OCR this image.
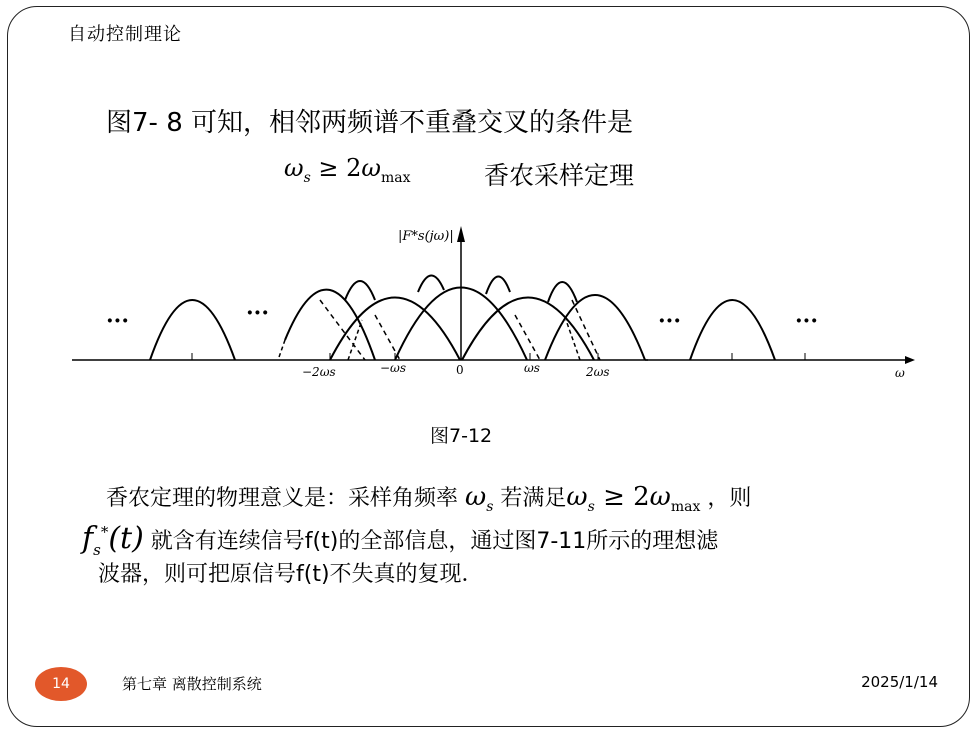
自动控制理论
图7- 8 可知，相邻两频谱不重叠交叉的条件是
$\omega_s \ge 2\omega_{max}$	香农采样定理
···	···	···	···
|F*s(jω)|
−2ωs	−ωs	0	ωs	2ωs	ω
图7-12
香农定理的物理意义是：采样角频率 $\omega_s$ 若满足$\omega_s \ge 2\omega_{max}$ ，则
$f_s^*(t)$ 就含有连续信号f(t)的全部信息，通过图7-11所示的理想滤
波器，则可把原信号f(t)不失真的复现．
14	第七章 离散控制系统	2025/1/14
